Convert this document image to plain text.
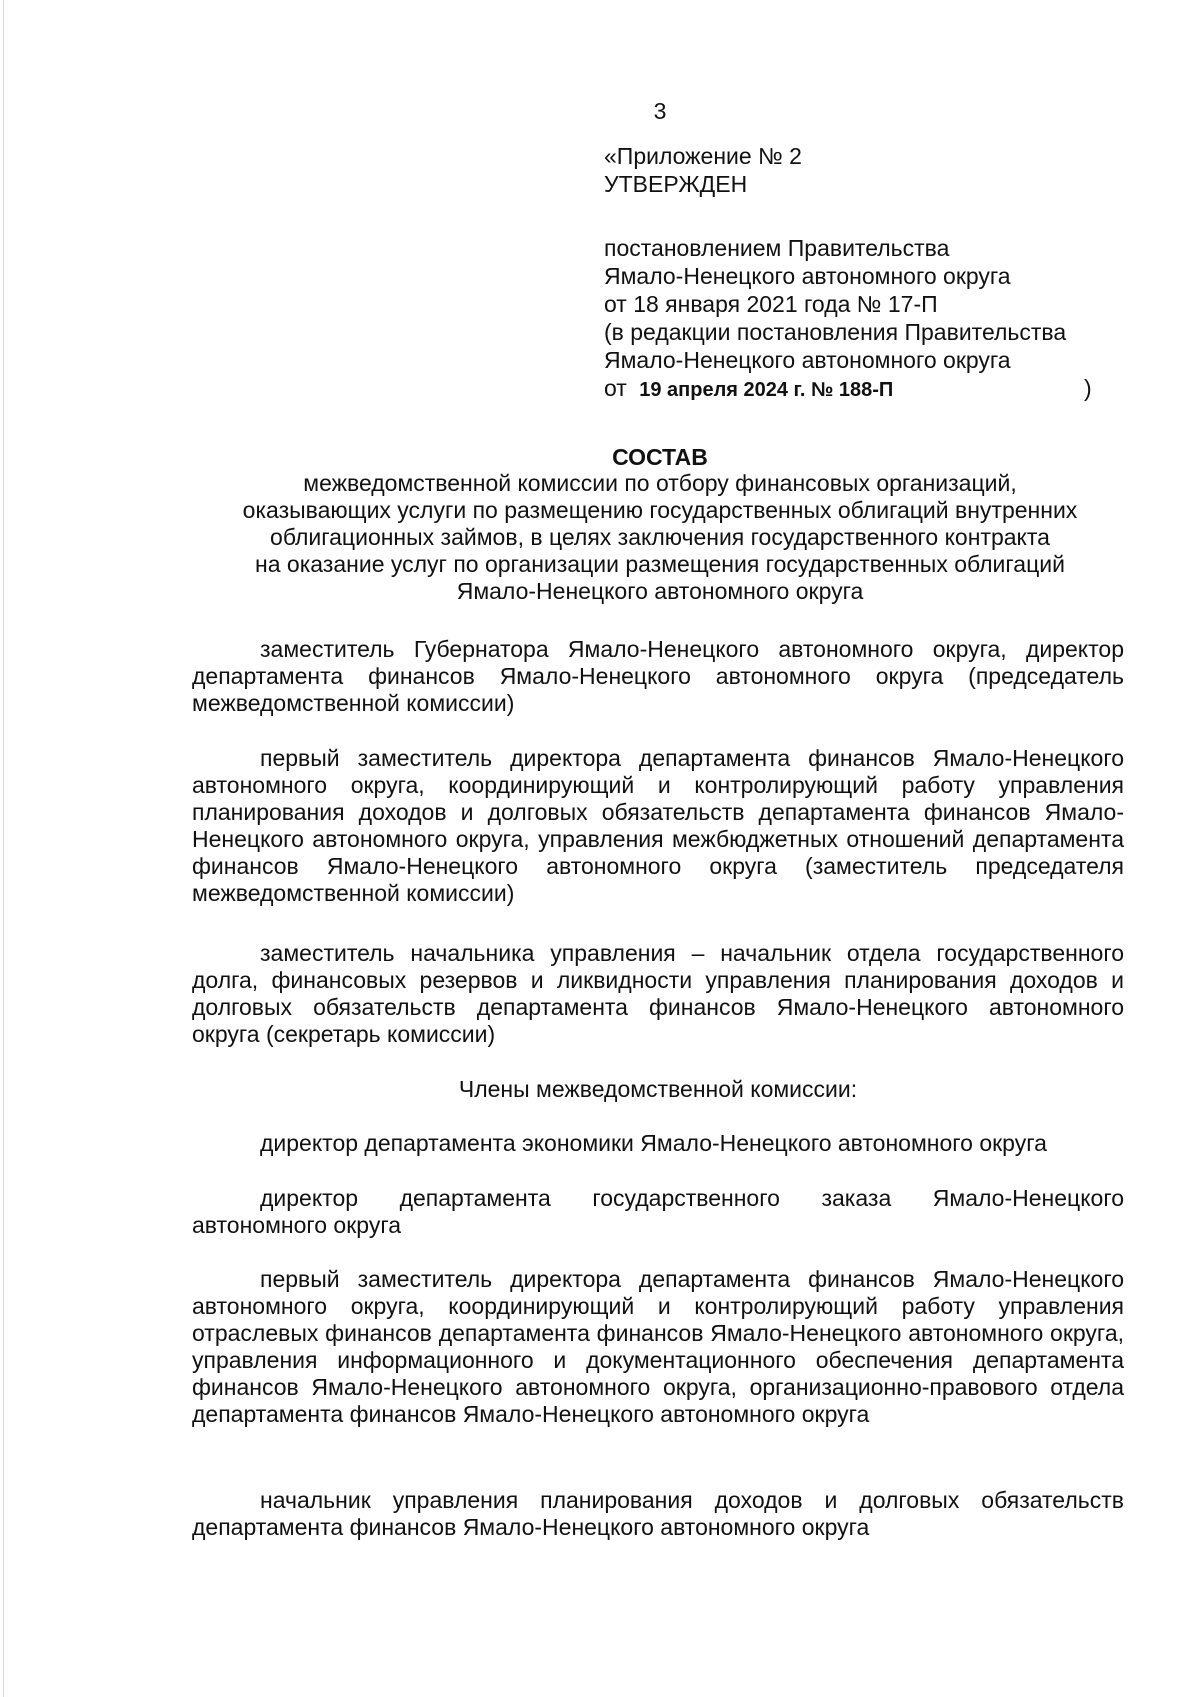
3
«Приложение № 2
УТВЕРЖДЕН
постановлением Правительства
Ямало-Ненецкого автономного округа
от 18 января 2021 года № 17-П
(в редакции постановления Правительства
Ямало-Ненецкого автономного округа
от 19 апреля 2024 г. № 188-П	)
СОСТАВ
межведомственной комиссии по отбору финансовых организаций,
оказывающих услуги по размещению государственных облигаций внутренних
облигационных займов, в целях заключения государственного контракта
на оказание услуг по организации размещения государственных облигаций
Ямало-Ненецкого автономного округа
заместитель Губернатора Ямало-Ненецкого автономного округа, директор департамента финансов Ямало-Ненецкого автономного округа (председатель межведомственной комиссии)
первый заместитель директора департамента финансов Ямало-Ненецкого автономного округа, координирующий и контролирующий работу управления планирования доходов и долговых обязательств департамента финансов Ямало-Ненецкого автономного округа, управления межбюджетных отношений департамента финансов Ямало-Ненецкого автономного округа (заместитель председателя межведомственной комиссии)
заместитель начальника управления – начальник отдела государственного долга, финансовых резервов и ликвидности управления планирования доходов и долговых обязательств департамента финансов Ямало-Ненецкого автономного округа (секретарь комиссии)
Члены межведомственной комиссии:
директор департамента экономики Ямало-Ненецкого автономного округа
директор департамента государственного заказа Ямало-Ненецкого автономного округа
первый заместитель директора департамента финансов Ямало-Ненецкого автономного округа, координирующий и контролирующий работу управления отраслевых финансов департамента финансов Ямало-Ненецкого автономного округа, управления информационного и документационного обеспечения департамента финансов Ямало-Ненецкого автономного округа, организационно-правового отдела департамента финансов Ямало-Ненецкого автономного округа
начальник управления планирования доходов и долговых обязательств департамента финансов Ямало-Ненецкого автономного округа
